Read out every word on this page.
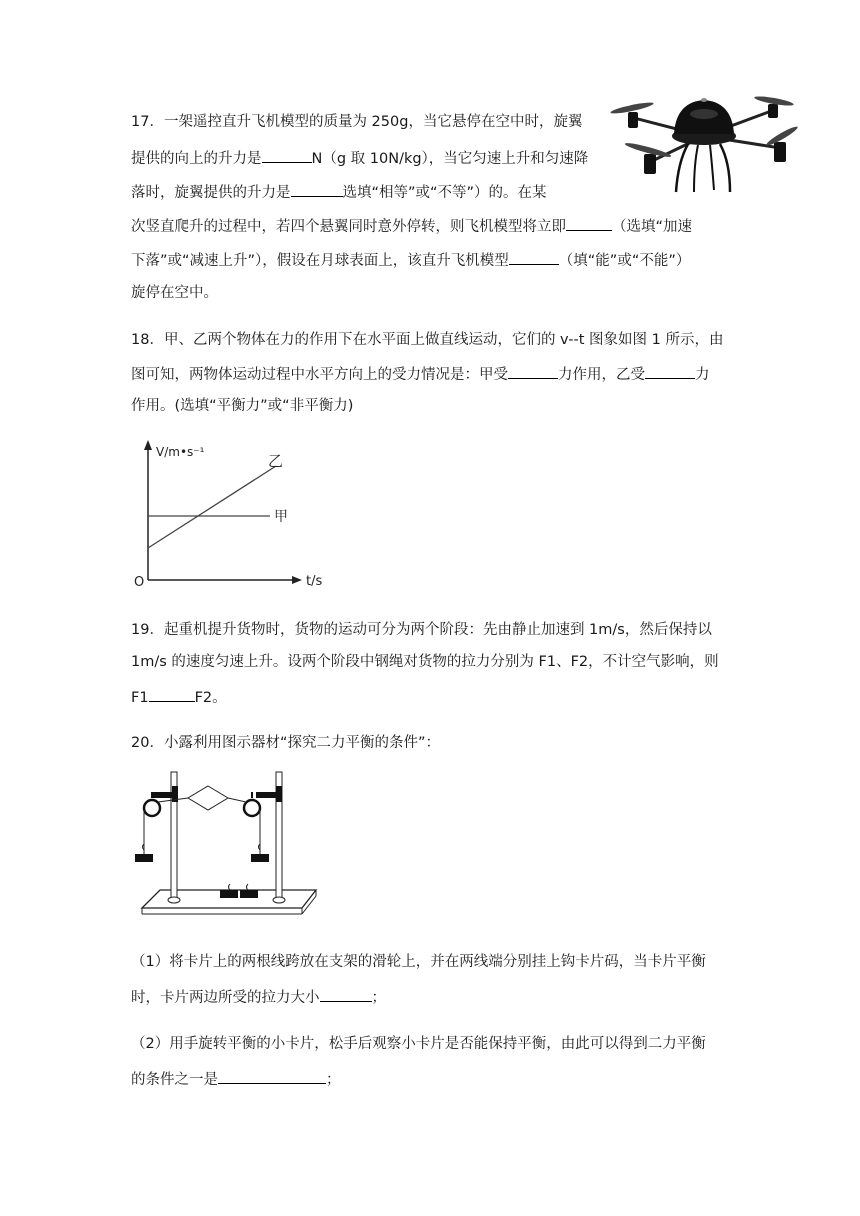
17．一架遥控直升飞机模型的质量为 250g，当它悬停在空中时，旋翼
提供的向上的升力是	N（g 取 10N/kg），当它匀速上升和匀速降
落时，旋翼提供的升力是	选填“相等”或“不等”）的。在某
次竖直爬升的过程中，若四个悬翼同时意外停转，则飞机模型将立即	（选填“加速
下落”或“减速上升”），假设在月球表面上，该直升飞机模型	（填“能”或“不能”）
旋停在空中。
18．甲、乙两个物体在力的作用下在水平面上做直线运动，它们的 v--t 图象如图 1 所示，由
图可知，两物体运动过程中水平方向上的受力情况是：甲受	力作用，乙受	力
作用。(选填“平衡力”或“非平衡力)
V/m•s⁻¹
t/s
O
乙
甲
19．起重机提升货物时，货物的运动可分为两个阶段：先由静止加速到 1m/s，然后保持以
1m/s 的速度匀速上升。设两个阶段中钢绳对货物的拉力分别为 F1、F2，不计空气影响，则
F1	F2。
20．小露利用图示器材“探究二力平衡的条件”：
（1）将卡片上的两根线跨放在支架的滑轮上，并在两线端分别挂上钩卡片码，当卡片平衡
时，卡片两边所受的拉力大小	；
（2）用手旋转平衡的小卡片，松手后观察小卡片是否能保持平衡，由此可以得到二力平衡
的条件之一是	；
